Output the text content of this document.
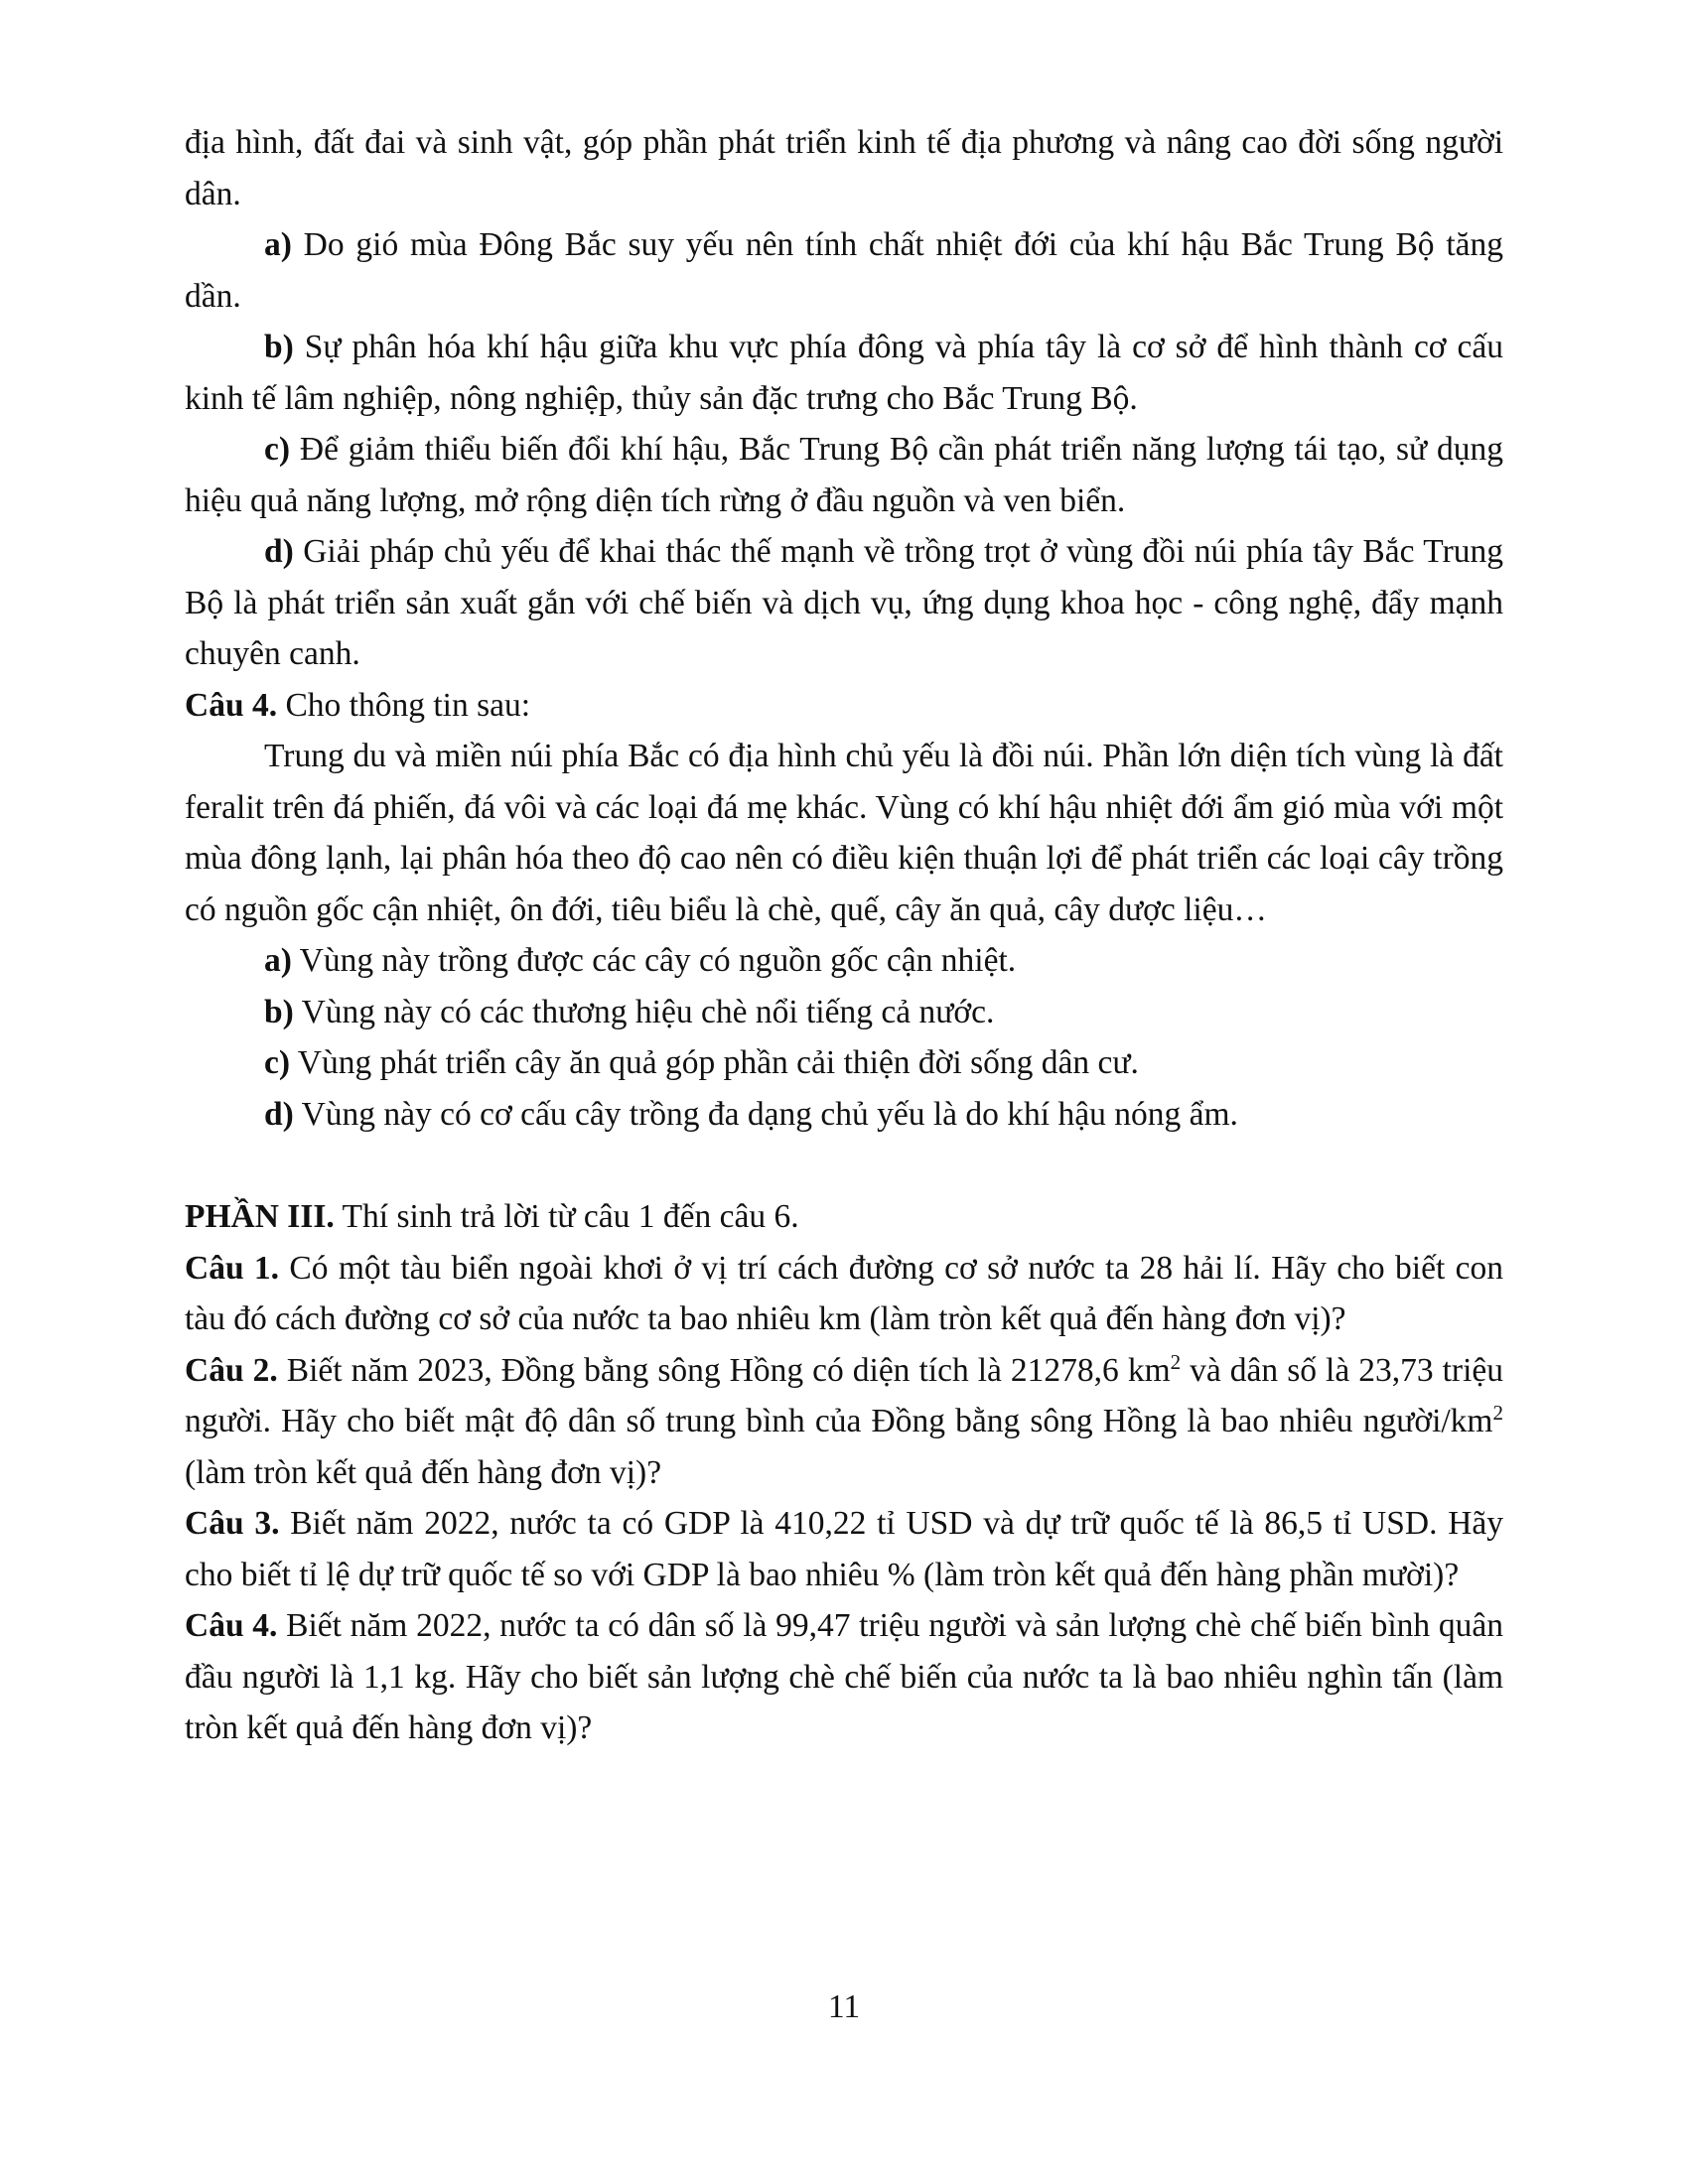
địa hình, đất đai và sinh vật, góp phần phát triển kinh tế địa phương và nâng cao đời sống người dân.

a) Do gió mùa Đông Bắc suy yếu nên tính chất nhiệt đới của khí hậu Bắc Trung Bộ tăng dần.

b) Sự phân hóa khí hậu giữa khu vực phía đông và phía tây là cơ sở để hình thành cơ cấu kinh tế lâm nghiệp, nông nghiệp, thủy sản đặc trưng cho Bắc Trung Bộ.

c) Để giảm thiểu biến đổi khí hậu, Bắc Trung Bộ cần phát triển năng lượng tái tạo, sử dụng hiệu quả năng lượng, mở rộng diện tích rừng ở đầu nguồn và ven biển.

d) Giải pháp chủ yếu để khai thác thế mạnh về trồng trọt ở vùng đồi núi phía tây Bắc Trung Bộ là phát triển sản xuất gắn với chế biến và dịch vụ, ứng dụng khoa học - công nghệ, đẩy mạnh chuyên canh.

Câu 4. Cho thông tin sau:

Trung du và miền núi phía Bắc có địa hình chủ yếu là đồi núi. Phần lớn diện tích vùng là đất feralit trên đá phiến, đá vôi và các loại đá mẹ khác. Vùng có khí hậu nhiệt đới ẩm gió mùa với một mùa đông lạnh, lại phân hóa theo độ cao nên có điều kiện thuận lợi để phát triển các loại cây trồng có nguồn gốc cận nhiệt, ôn đới, tiêu biểu là chè, quế, cây ăn quả, cây dược liệu…

a) Vùng này trồng được các cây có nguồn gốc cận nhiệt.

b) Vùng này có các thương hiệu chè nổi tiếng cả nước.

c) Vùng phát triển cây ăn quả góp phần cải thiện đời sống dân cư.

d) Vùng này có cơ cấu cây trồng đa dạng chủ yếu là do khí hậu nóng ẩm.

PHẦN III. Thí sinh trả lời từ câu 1 đến câu 6.

Câu 1. Có một tàu biển ngoài khơi ở vị trí cách đường cơ sở nước ta 28 hải lí. Hãy cho biết con tàu đó cách đường cơ sở của nước ta bao nhiêu km (làm tròn kết quả đến hàng đơn vị)?

Câu 2. Biết năm 2023, Đồng bằng sông Hồng có diện tích là 21278,6 $km^2$ và dân số là 23,73 triệu người. Hãy cho biết mật độ dân số trung bình của Đồng bằng sông Hồng là bao nhiêu người/$km^2$ (làm tròn kết quả đến hàng đơn vị)?

Câu 3. Biết năm 2022, nước ta có GDP là 410,22 tỉ USD và dự trữ quốc tế là 86,5 tỉ USD. Hãy cho biết tỉ lệ dự trữ quốc tế so với GDP là bao nhiêu % (làm tròn kết quả đến hàng phần mười)?

Câu 4. Biết năm 2022, nước ta có dân số là 99,47 triệu người và sản lượng chè chế biến bình quân đầu người là 1,1 kg. Hãy cho biết sản lượng chè chế biến của nước ta là bao nhiêu nghìn tấn (làm tròn kết quả đến hàng đơn vị)?

11
